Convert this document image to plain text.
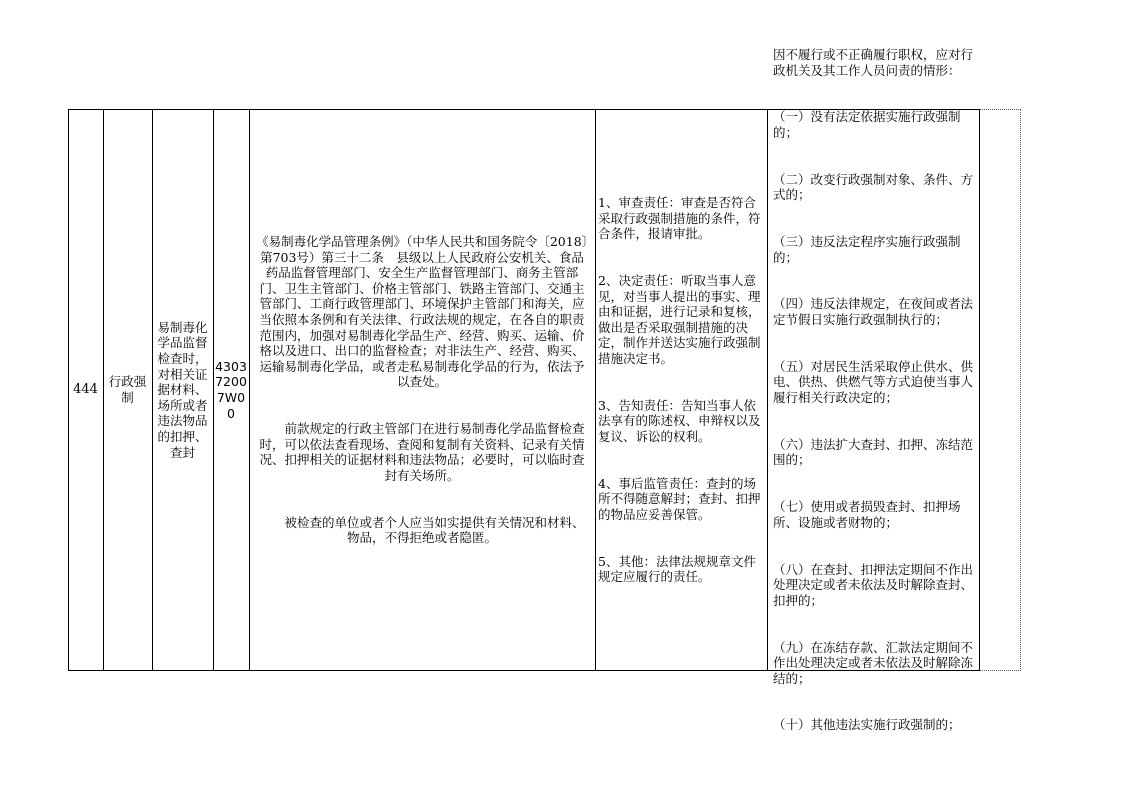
444
行政强制
易制毒化学品监督检查时，对相关证据材料、场所或者违法物品的扣押、查封
43037200 7W00

《易制毒化学品管理条例》（中华人民共和国务院令〔2018〕第703号）第三十二条　县级以上人民政府公安机关、食品药品监督管理部门、安全生产监督管理部门、商务主管部门、卫生主管部门、价格主管部门、铁路主管部门、交通主管部门、工商行政管理部门、环境保护主管部门和海关，应当依照本条例和有关法律、行政法规的规定，在各自的职责范围内，加强对易制毒化学品生产、经营、购买、运输、价格以及进口、出口的监督检查；对非法生产、经营、购买、运输易制毒化学品，或者走私易制毒化学品的行为，依法予以查处。

前款规定的行政主管部门在进行易制毒化学品监督检查时，可以依法查看现场、查阅和复制有关资料、记录有关情况、扣押相关的证据材料和违法物品；必要时，可以临时查封有关场所。

被检查的单位或者个人应当如实提供有关情况和材料、物品，不得拒绝或者隐匿。

1、审查责任：审查是否符合采取行政强制措施的条件，符合条件，报请审批。

2、决定责任：听取当事人意见，对当事人提出的事实、理由和证据，进行记录和复核，做出是否采取强制措施的决定，制作并送达实施行政强制措施决定书。

3、告知责任：告知当事人依法享有的陈述权、申辩权以及复议、诉讼的权利。

4、事后监管责任：查封的场所不得随意解封；查封、扣押的物品应妥善保管。

5、其他：法律法规规章文件规定应履行的责任。

因不履行或不正确履行职权，应对行政机关及其工作人员问责的情形：

（一）没有法定依据实施行政强制的；

（二）改变行政强制对象、条件、方式的；

（三）违反法定程序实施行政强制的；

（四）违反法律规定，在夜间或者法定节假日实施行政强制执行的；

（五）对居民生活采取停止供水、供电、供热、供燃气等方式迫使当事人履行相关行政决定的；

（六）违法扩大查封、扣押、冻结范围的；

（七）使用或者损毁查封、扣押场所、设施或者财物的；

（八）在查封、扣押法定期间不作出处理决定或者未依法及时解除查封、扣押的；

（九）在冻结存款、汇款法定期间不作出处理决定或者未依法及时解除冻结的；

（十）其他违法实施行政强制的；
